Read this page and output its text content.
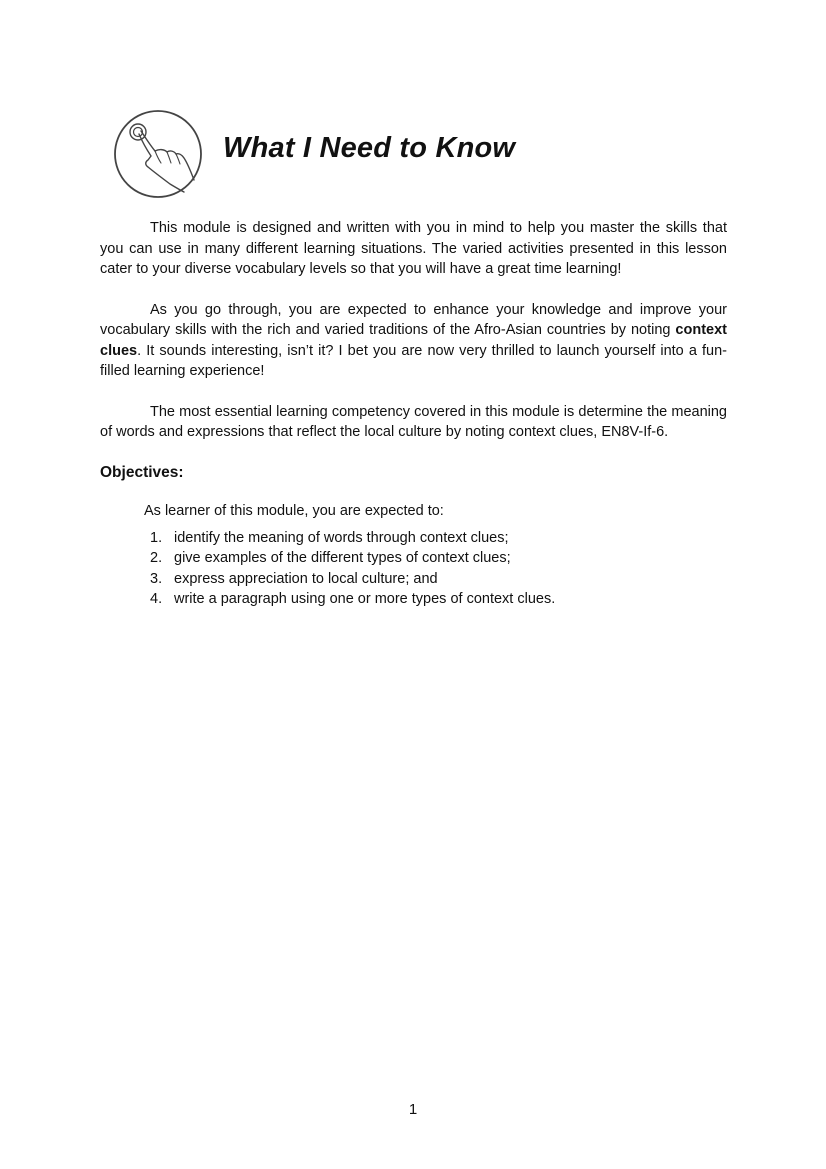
What I Need to Know

This module is designed and written with you in mind to help you master the skills that you can use in many different learning situations. The varied activities presented in this lesson cater to your diverse vocabulary levels so that you will have a great time learning!

As you go through, you are expected to enhance your knowledge and improve your vocabulary skills with the rich and varied traditions of the Afro-Asian countries by noting context clues. It sounds interesting, isn’t it? I bet you are now very thrilled to launch yourself into a fun-filled learning experience!

The most essential learning competency covered in this module is determine the meaning of words and expressions that reflect the local culture by noting context clues, EN8V-If-6.

Objectives:
As learner of this module, you are expected to:
1. identify the meaning of words through context clues;
2. give examples of the different types of context clues;
3. express appreciation to local culture; and
4. write a paragraph using one or more types of context clues.
1
